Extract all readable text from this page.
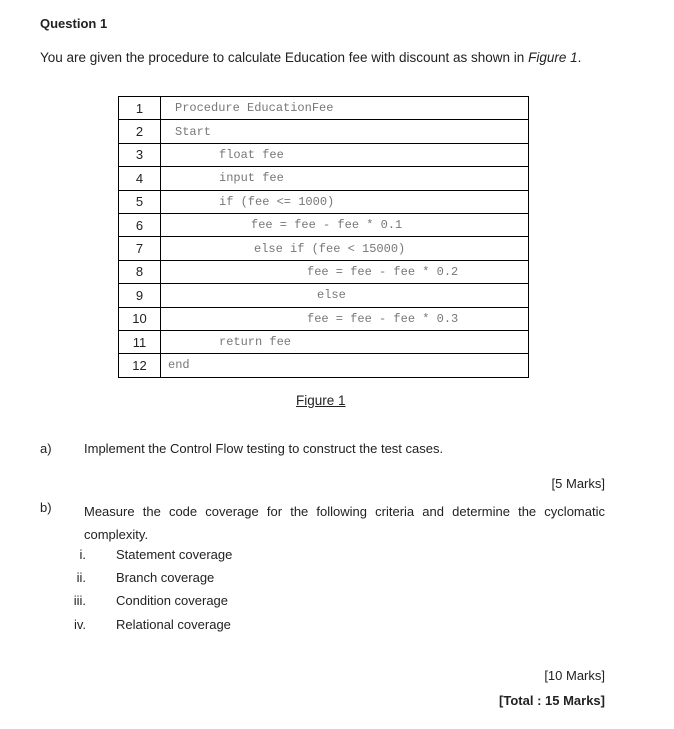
Question 1
You are given the procedure to calculate Education fee with discount as shown in Figure 1.
1	Procedure EducationFee
2	Start
3	float fee
4	input fee
5	if (fee <= 1000)
6	fee = fee - fee * 0.1
7	else if (fee < 15000)
8	fee = fee - fee * 0.2
9	else
10	fee = fee - fee * 0.3
11	return fee
12	end
Figure 1
a) Implement the Control Flow testing to construct the test cases.
[5 Marks]
b) Measure the code coverage for the following criteria and determine the cyclomatic complexity.
i. Statement coverage
ii. Branch coverage
iii. Condition coverage
iv. Relational coverage
[10 Marks]
[Total : 15 Marks]
